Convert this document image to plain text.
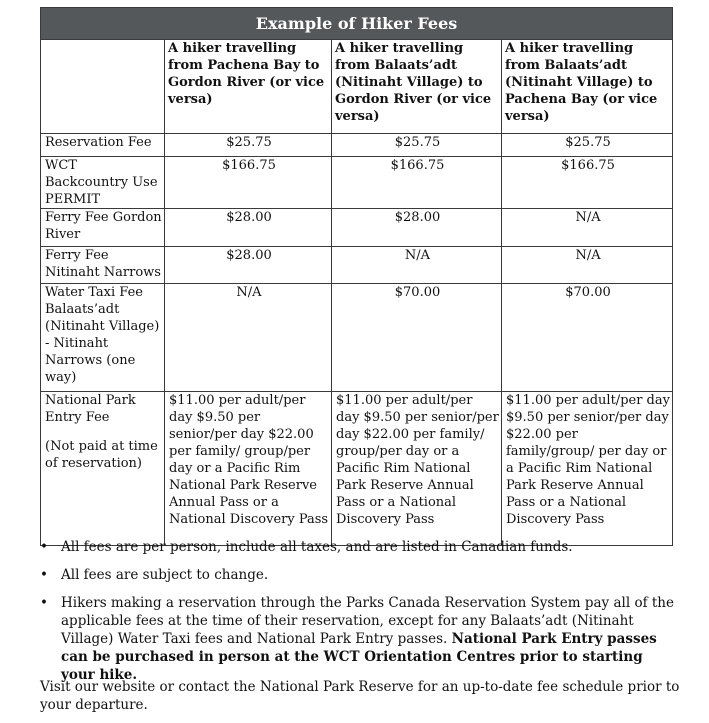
Example of Hiker Fees			
	A hiker travelling from Pachena Bay to Gordon River (or vice versa)	A hiker travelling from Balaats’adt (Nitinaht Village) to Gordon River (or vice versa)	A hiker travelling from Balaats’adt (Nitinaht Village) to Pachena Bay (or vice versa)
Reservation Fee	$25.75	$25.75	$25.75
WCT Backcountry Use PERMIT	$166.75	$166.75	$166.75
Ferry Fee Gordon River	$28.00	$28.00	N/A
Ferry Fee Nitinaht Narrows	$28.00	N/A	N/A
Water Taxi Fee Balaats’adt (Nitinaht Village) - Nitinaht Narrows (one way)	N/A	$70.00	$70.00

National Park Entry Fee
(Not paid at time of reservation)	$11.00 per adult/per day $9.50 per senior/per day $22.00 per family/ group/per day or a Pacific Rim National Park Reserve Annual Pass or a National Discovery Pass	$11.00 per adult/per day $9.50 per senior/per day $22.00 per family/ group/per day or a Pacific Rim National Park Reserve Annual Pass or a National Discovery Pass	$11.00 per adult/per day $9.50 per senior/per day $22.00 per family/group/ per day or a Pacific Rim National Park Reserve Annual Pass or a National Discovery Pass
• All fees are per person, include all taxes, and are listed in Canadian funds.
• All fees are subject to change.
• Hikers making a reservation through the Parks Canada Reservation System pay all of the applicable fees at the time of their reservation, except for any Balaats’adt (Nitinaht Village) Water Taxi fees and National Park Entry passes. National Park Entry passes can be purchased in person at the WCT Orientation Centres prior to starting your hike.
Visit our website or contact the National Park Reserve for an up-to-date fee schedule prior to your departure.
